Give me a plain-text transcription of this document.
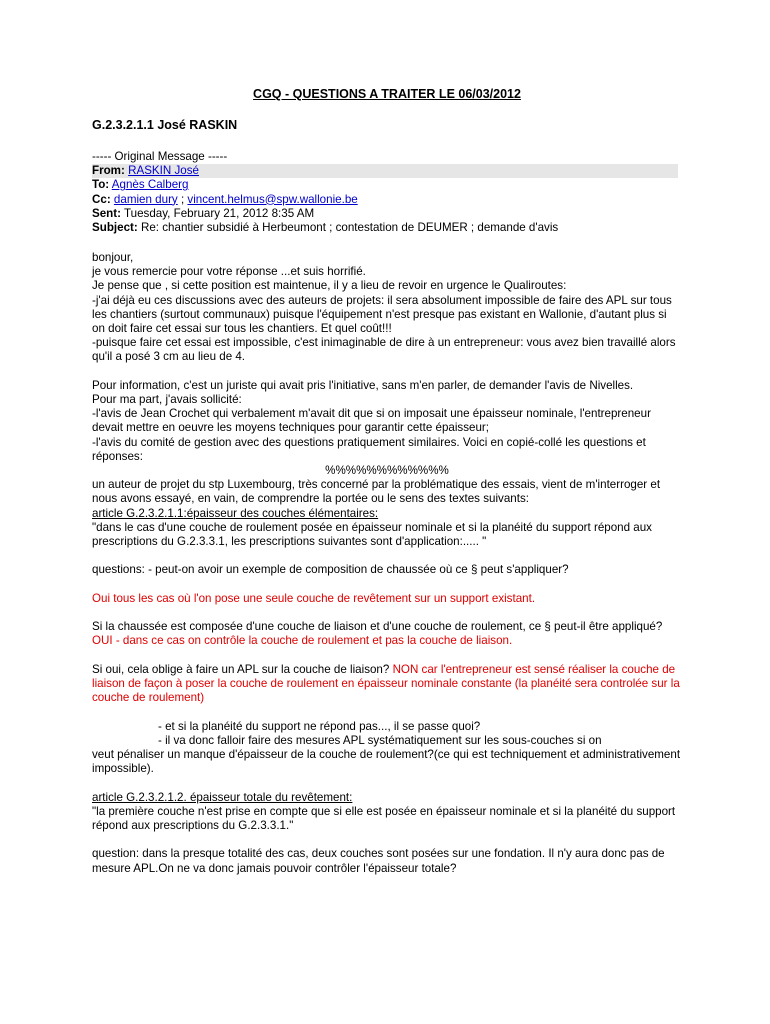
CGQ - QUESTIONS A TRAITER LE 06/03/2012
G.2.3.2.1.1 José RASKIN
----- Original Message -----
From: RASKIN José
To: Agnès Calberg
Cc: damien dury ; vincent.helmus@spw.wallonie.be
Sent: Tuesday, February 21, 2012 8:35 AM
Subject: Re: chantier subsidié à Herbeumont ; contestation de DEUMER ; demande d'avis

bonjour,

je vous remercie pour votre réponse ...et suis horrifié.

Je pense que , si cette position est maintenue, il y a lieu de revoir en urgence le Qualiroutes:

-j'ai déjà eu ces discussions avec des auteurs de projets: il sera absolument impossible de faire des APL sur tous les chantiers (surtout communaux) puisque l'équipement n'est presque pas existant en Wallonie, d'autant plus si on doit faire cet essai sur tous les chantiers. Et quel coût!!!

-puisque faire cet essai est impossible, c'est inimaginable de dire à un entrepreneur: vous avez bien travaillé alors qu'il a posé 3 cm au lieu de 4.

Pour information, c'est un juriste qui avait pris l'initiative, sans m'en parler, de demander l'avis de Nivelles.

Pour ma part, j'avais sollicité:

-l'avis de Jean Crochet qui verbalement m'avait dit que si on imposait une épaisseur nominale, l'entrepreneur devait mettre en oeuvre les moyens techniques pour garantir cette épaisseur;

-l'avis du comité de gestion avec des questions pratiquement similaires. Voici en copié-collé les questions et réponses:

%%%%%%%%%%%%

un auteur de projet du stp Luxembourg, très concerné par la problématique des essais, vient de m'interroger et nous avons essayé, en vain, de comprendre la portée ou le sens des textes suivants:

article G.2.3.2.1.1:épaisseur des couches élémentaires:

"dans le cas d'une couche de roulement posée en épaisseur nominale et si la planéité du support répond aux prescriptions du G.2.3.3.1, les prescriptions suivantes sont d'application:..... "

questions: - peut-on avoir un exemple de composition de chaussée où ce § peut s'appliquer?

Oui tous les cas où l'on pose une seule couche de revêtement sur un support existant.

Si la chaussée est composée d'une couche de liaison et d'une couche de roulement, ce § peut-il être appliqué?

OUI - dans ce cas on contrôle la couche de roulement et pas la couche de liaison.

Si oui, cela oblige à faire un APL sur la couche de liaison? NON car l'entrepreneur est sensé réaliser la couche de liaison de façon à poser la couche de roulement en épaisseur nominale constante (la planéité sera controlée sur la couche de roulement)

- et si la planéité du support ne répond pas..., il se passe quoi?

- il va donc falloir faire des mesures APL systématiquement sur les sous-couches si on

veut pénaliser un manque d'épaisseur de la couche de roulement?(ce qui est techniquement et administrativement impossible).

article G.2.3.2.1.2. épaisseur totale du revêtement:

"la première couche n'est prise en compte que si elle est posée en épaisseur nominale et si la planéité du support répond aux prescriptions du G.2.3.3.1."

question: dans la presque totalité des cas, deux couches sont posées sur une fondation. Il n'y aura donc pas de mesure APL.On ne va donc jamais pouvoir contrôler l'épaisseur totale?
